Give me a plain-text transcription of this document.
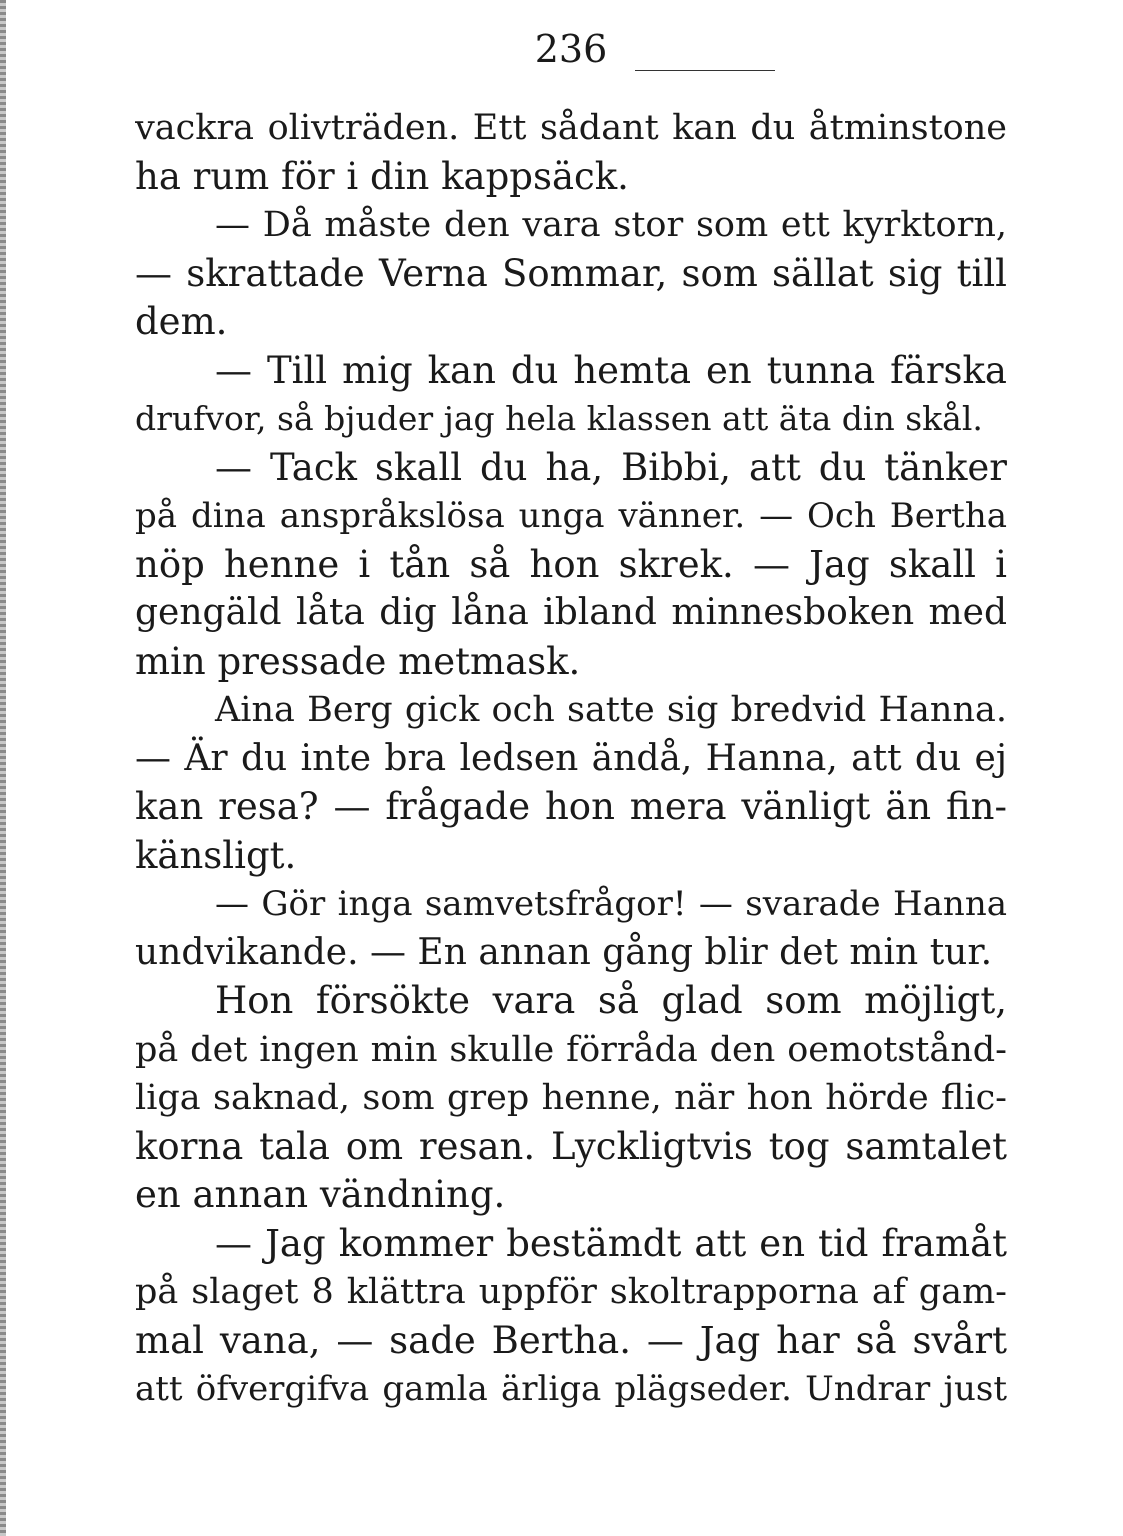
236
vackra olivträden. Ett sådant kan du åtminstone
ha rum för i din kappsäck.
— Då måste den vara stor som ett kyrktorn,
— skrattade Verna Sommar, som sällat sig till
dem.
— Till mig kan du hemta en tunna färska
drufvor, så bjuder jag hela klassen att äta din skål.
— Tack skall du ha, Bibbi, att du tänker
på dina anspråkslösa unga vänner. — Och Bertha
nöp henne i tån så hon skrek. — Jag skall i
gengäld låta dig låna ibland minnesboken med
min pressade metmask.
Aina Berg gick och satte sig bredvid Hanna.
— Är du inte bra ledsen ändå, Hanna, att du ej
kan resa? — frågade hon mera vänligt än fin-
känsligt.
— Gör inga samvetsfrågor! — svarade Hanna
undvikande. — En annan gång blir det min tur.
Hon försökte vara så glad som möjligt,
på det ingen min skulle förråda den oemotstånd-
liga saknad, som grep henne, när hon hörde flic-
korna tala om resan. Lyckligtvis tog samtalet
en annan vändning.
— Jag kommer bestämdt att en tid framåt
på slaget 8 klättra uppför skoltrapporna af gam-
mal vana, — sade Bertha. — Jag har så svårt
att öfvergifva gamla ärliga plägseder. Undrar just
